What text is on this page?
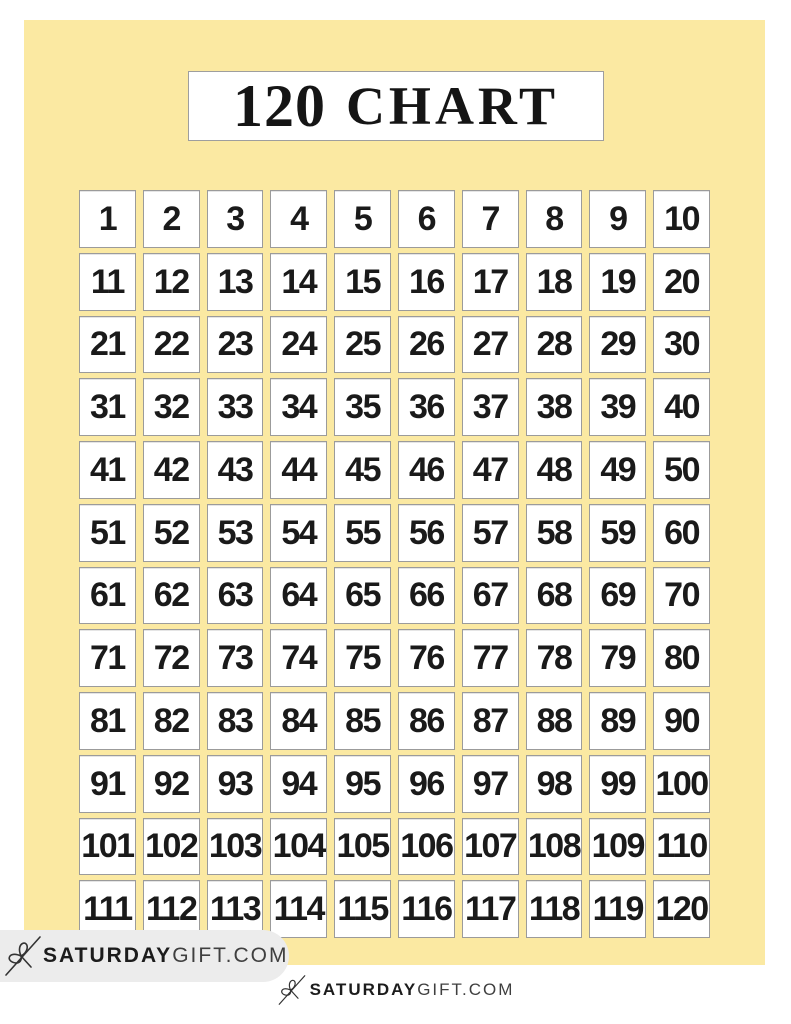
120 CHART
1	2	3	4	5	6	7	8	9	10
11 12 13 14 15 16 17 18 19 20
21 22 23 24 25 26 27 28 29 30
31 32 33 34 35 36 37 38 39 40
41 42 43 44 45 46 47 48 49 50
51 52 53 54 55 56 57 58 59 60
61 62 63 64 65 66 67 68 69 70
71 72 73 74 75 76 77 78 79 80
81 82 83 84 85 86 87 88 89 90
91 92 93 94 95 96 97 98 99 100
101 102 103 104 105 106 107 108 109 110
111 112 113 114 115 116 117 118 119 120
SATURDAY GIFT.COM
SATURDAY GIFT.COM
